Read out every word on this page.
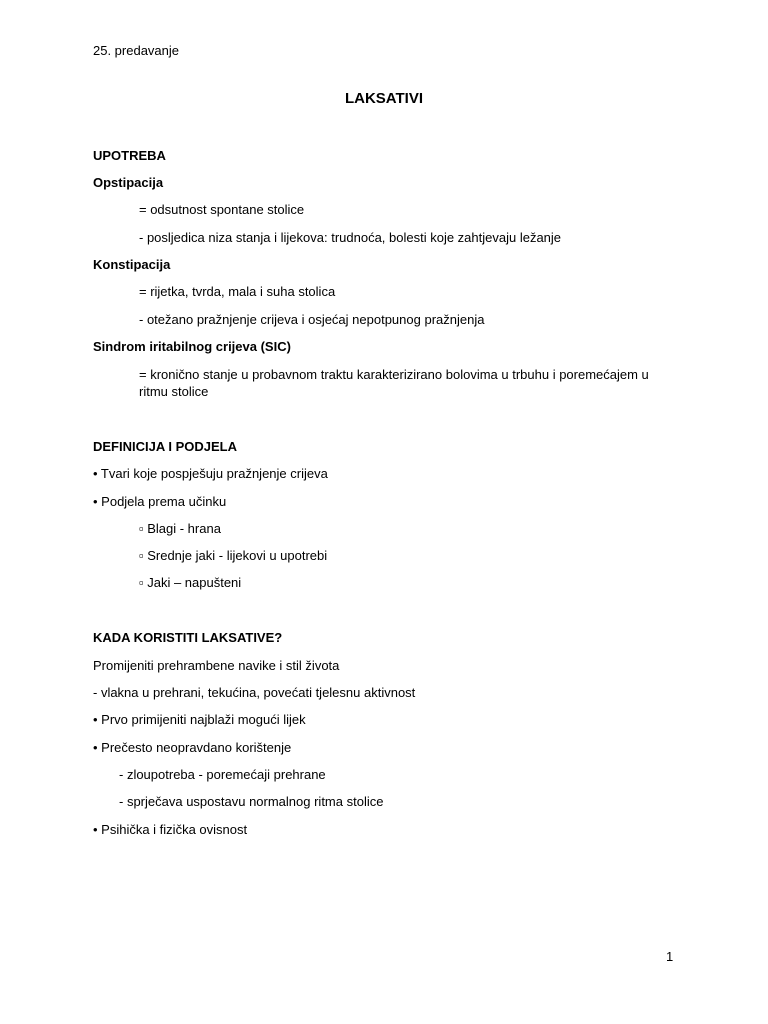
25. predavanje
LAKSATIVI
UPOTREBA
Opstipacija
= odsutnost spontane stolice
- posljedica niza stanja i lijekova: trudnoća, bolesti koje zahtjevaju ležanje
Konstipacija
= rijetka, tvrda, mala i suha stolica
- otežano pražnjenje crijeva i osjećaj nepotpunog pražnjenja
Sindrom iritabilnog crijeva (SIC)
= kronično stanje u probavnom traktu karakterizirano bolovima u trbuhu i poremećajem u ritmu stolice
DEFINICIJA I PODJELA
• Tvari koje pospješuju pražnjenje crijeva
• Podjela prema učinku
▫ Blagi - hrana
▫ Srednje jaki - lijekovi u upotrebi
▫ Jaki – napušteni
KADA KORISTITI LAKSATIVE?
Promijeniti prehrambene navike i stil života
- vlakna u prehrani, tekućina, povećati tjelesnu aktivnost
• Prvo primijeniti najblaži mogući lijek
• Prečesto neopravdano korištenje
- zloupotreba - poremećaji prehrane
- sprječava uspostavu normalnog ritma stolice
• Psihička i fizička ovisnost
1
